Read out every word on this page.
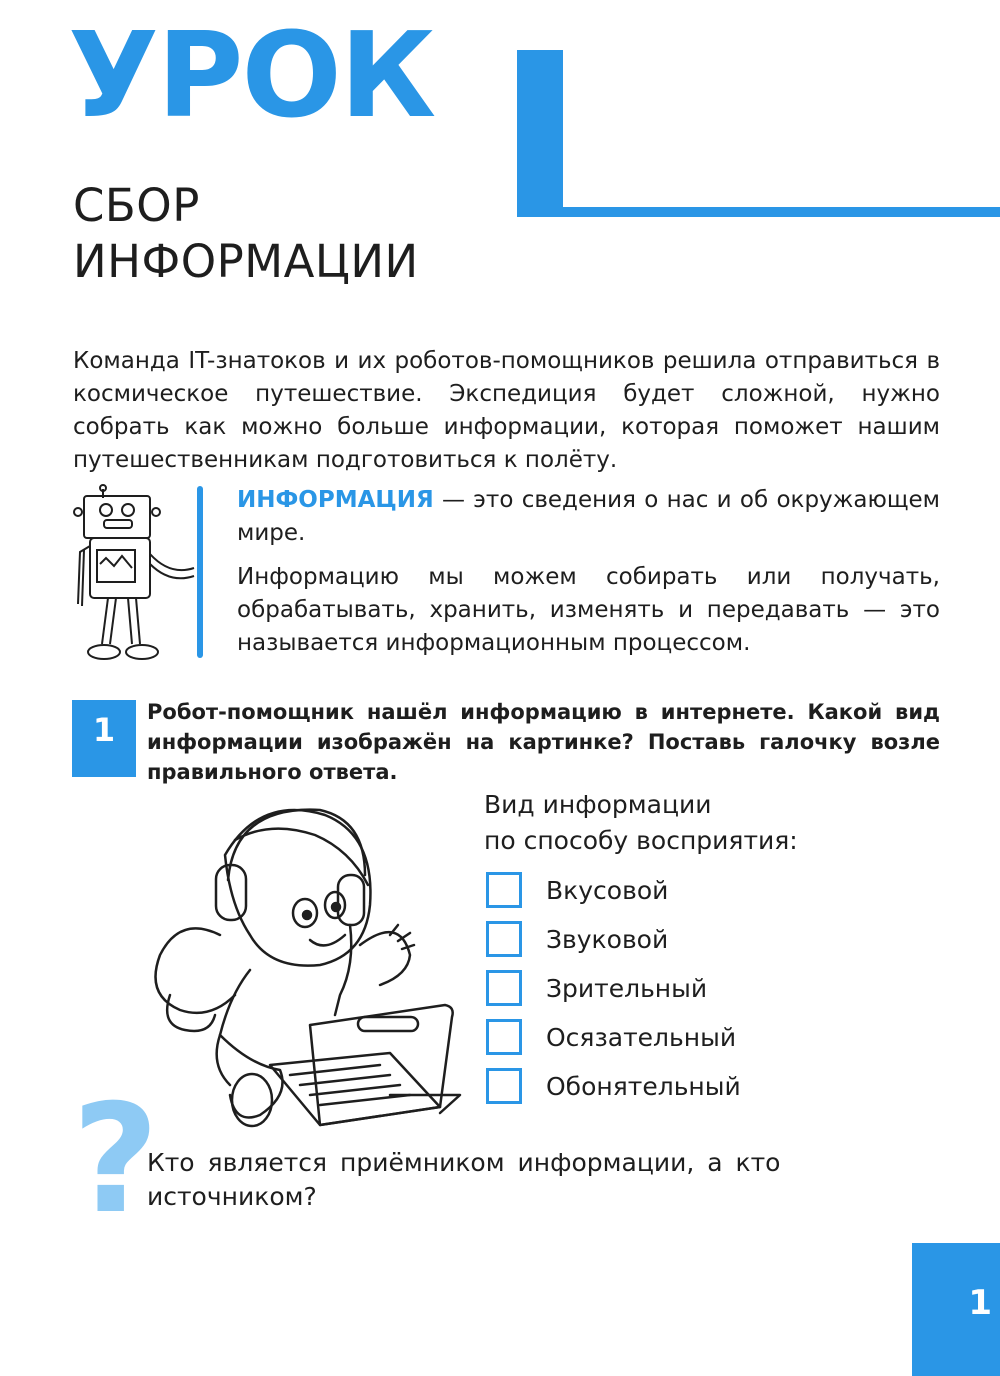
УРОК
СБОР
ИНФОРМАЦИИ
Команда IT-знатоков и их роботов-помощников решила отправиться в космическое путешествие. Экспедиция будет сложной, нужно собрать как можно больше информации, которая поможет нашим путешественникам подготовиться к полёту.

ИНФОРМАЦИЯ — это сведения о нас и об окружающем мире.

Информацию мы можем собирать или получать, обрабатывать, хранить, изменять и передавать — это называется информационным процессом.

1	Робот-помощник нашёл информацию в интернете. Какой вид информации изображён на картинке? Поставь галочку возле правильного ответа.
Вид информации
по способу восприятия:
Вкусовой
Звуковой
Зрительный
Осязательный
Обонятельный
?
Кто является приёмником информации, а кто источником?
1
